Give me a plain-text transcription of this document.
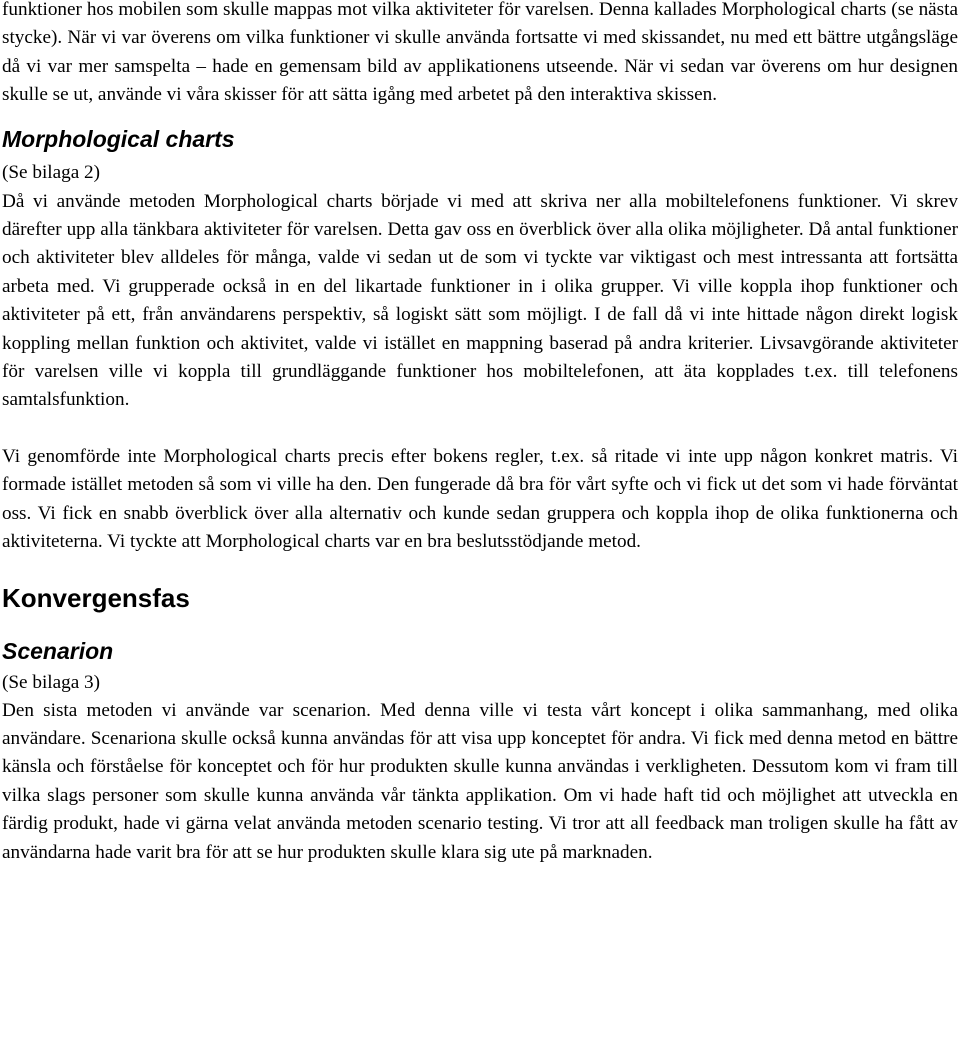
funktioner hos mobilen som skulle mappas mot vilka aktiviteter för varelsen. Denna kallades Morphological charts (se nästa stycke). När vi var överens om vilka funktioner vi skulle använda fortsatte vi med skissandet, nu med ett bättre utgångsläge då vi var mer samspelta – hade en gemensam bild av applikationens utseende. När vi sedan var överens om hur designen skulle se ut, använde vi våra skisser för att sätta igång med arbetet på den interaktiva skissen.

Morphological charts

(Se bilaga 2)

Då vi använde metoden Morphological charts började vi med att skriva ner alla mobiltelefonens funktioner. Vi skrev därefter upp alla tänkbara aktiviteter för varelsen. Detta gav oss en överblick över alla olika möjligheter. Då antal funktioner och aktiviteter blev alldeles för många, valde vi sedan ut de som vi tyckte var viktigast och mest intressanta att fortsätta arbeta med. Vi grupperade också in en del likartade funktioner in i olika grupper. Vi ville koppla ihop funktioner och aktiviteter på ett, från användarens perspektiv, så logiskt sätt som möjligt. I de fall då vi inte hittade någon direkt logisk koppling mellan funktion och aktivitet, valde vi istället en mappning baserad på andra kriterier. Livsavgörande aktiviteter för varelsen ville vi koppla till grundläggande funktioner hos mobiltelefonen, att äta kopplades t.ex. till telefonens samtalsfunktion.

Vi genomförde inte Morphological charts precis efter bokens regler, t.ex. så ritade vi inte upp någon konkret matris. Vi formade istället metoden så som vi ville ha den. Den fungerade då bra för vårt syfte och vi fick ut det som vi hade förväntat oss. Vi fick en snabb överblick över alla alternativ och kunde sedan gruppera och koppla ihop de olika funktionerna och aktiviteterna. Vi tyckte att Morphological charts var en bra beslutsstödjande metod.

Konvergensfas
Scenarion

(Se bilaga 3)

Den sista metoden vi använde var scenarion. Med denna ville vi testa vårt koncept i olika sammanhang, med olika användare. Scenariona skulle också kunna användas för att visa upp konceptet för andra. Vi fick med denna metod en bättre känsla och förståelse för konceptet och för hur produkten skulle kunna användas i verkligheten. Dessutom kom vi fram till vilka slags personer som skulle kunna använda vår tänkta applikation. Om vi hade haft tid och möjlighet att utveckla en färdig produkt, hade vi gärna velat använda metoden scenario testing. Vi tror att all feedback man troligen skulle ha fått av användarna hade varit bra för att se hur produkten skulle klara sig ute på marknaden.
